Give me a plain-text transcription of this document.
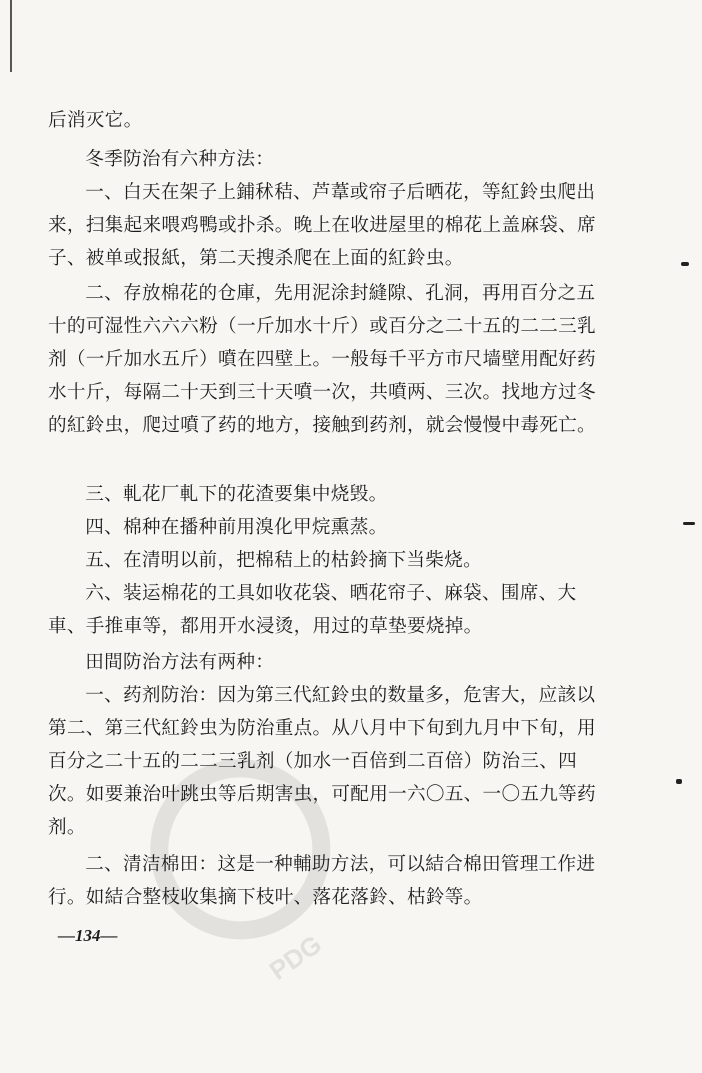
PDG
后消灭它。
冬季防治有六种方法：
一、白天在架子上鋪秫秸、芦葦或帘子后晒花，等紅鈴虫爬出来，扫集起来喂鸡鴨或扑杀。晚上在收进屋里的棉花上盖麻袋、席子、被单或报紙，第二天搜杀爬在上面的紅鈴虫。
二、存放棉花的仓庫，先用泥涂封縫隙、孔洞，再用百分之五十的可湿性六六六粉（一斤加水十斤）或百分之二十五的二二三乳剂（一斤加水五斤）噴在四壁上。一般每千平方市尺墙壁用配好药水十斤，每隔二十天到三十天噴一次，共噴两、三次。找地方过冬的紅鈴虫，爬过噴了药的地方，接触到药剂，就会慢慢中毒死亡。
三、軋花厂軋下的花渣要集中烧毁。
四、棉种在播种前用溴化甲烷熏蒸。
五、在清明以前，把棉秸上的枯鈴摘下当柴烧。
六、装运棉花的工具如收花袋、晒花帘子、麻袋、围席、大車、手推車等，都用开水浸烫，用过的草垫要烧掉。
田間防治方法有两种：
一、药剂防治：因为第三代紅鈴虫的数量多，危害大，应該以第二、第三代紅鈴虫为防治重点。从八月中下旬到九月中下旬，用百分之二十五的二二三乳剂（加水一百倍到二百倍）防治三、四次。如要兼治叶跳虫等后期害虫，可配用一六〇五、一〇五九等药剂。
二、清洁棉田：这是一种輔助方法，可以結合棉田管理工作进行。如結合整枝收集摘下枝叶、落花落鈴、枯鈴等。
—134—
